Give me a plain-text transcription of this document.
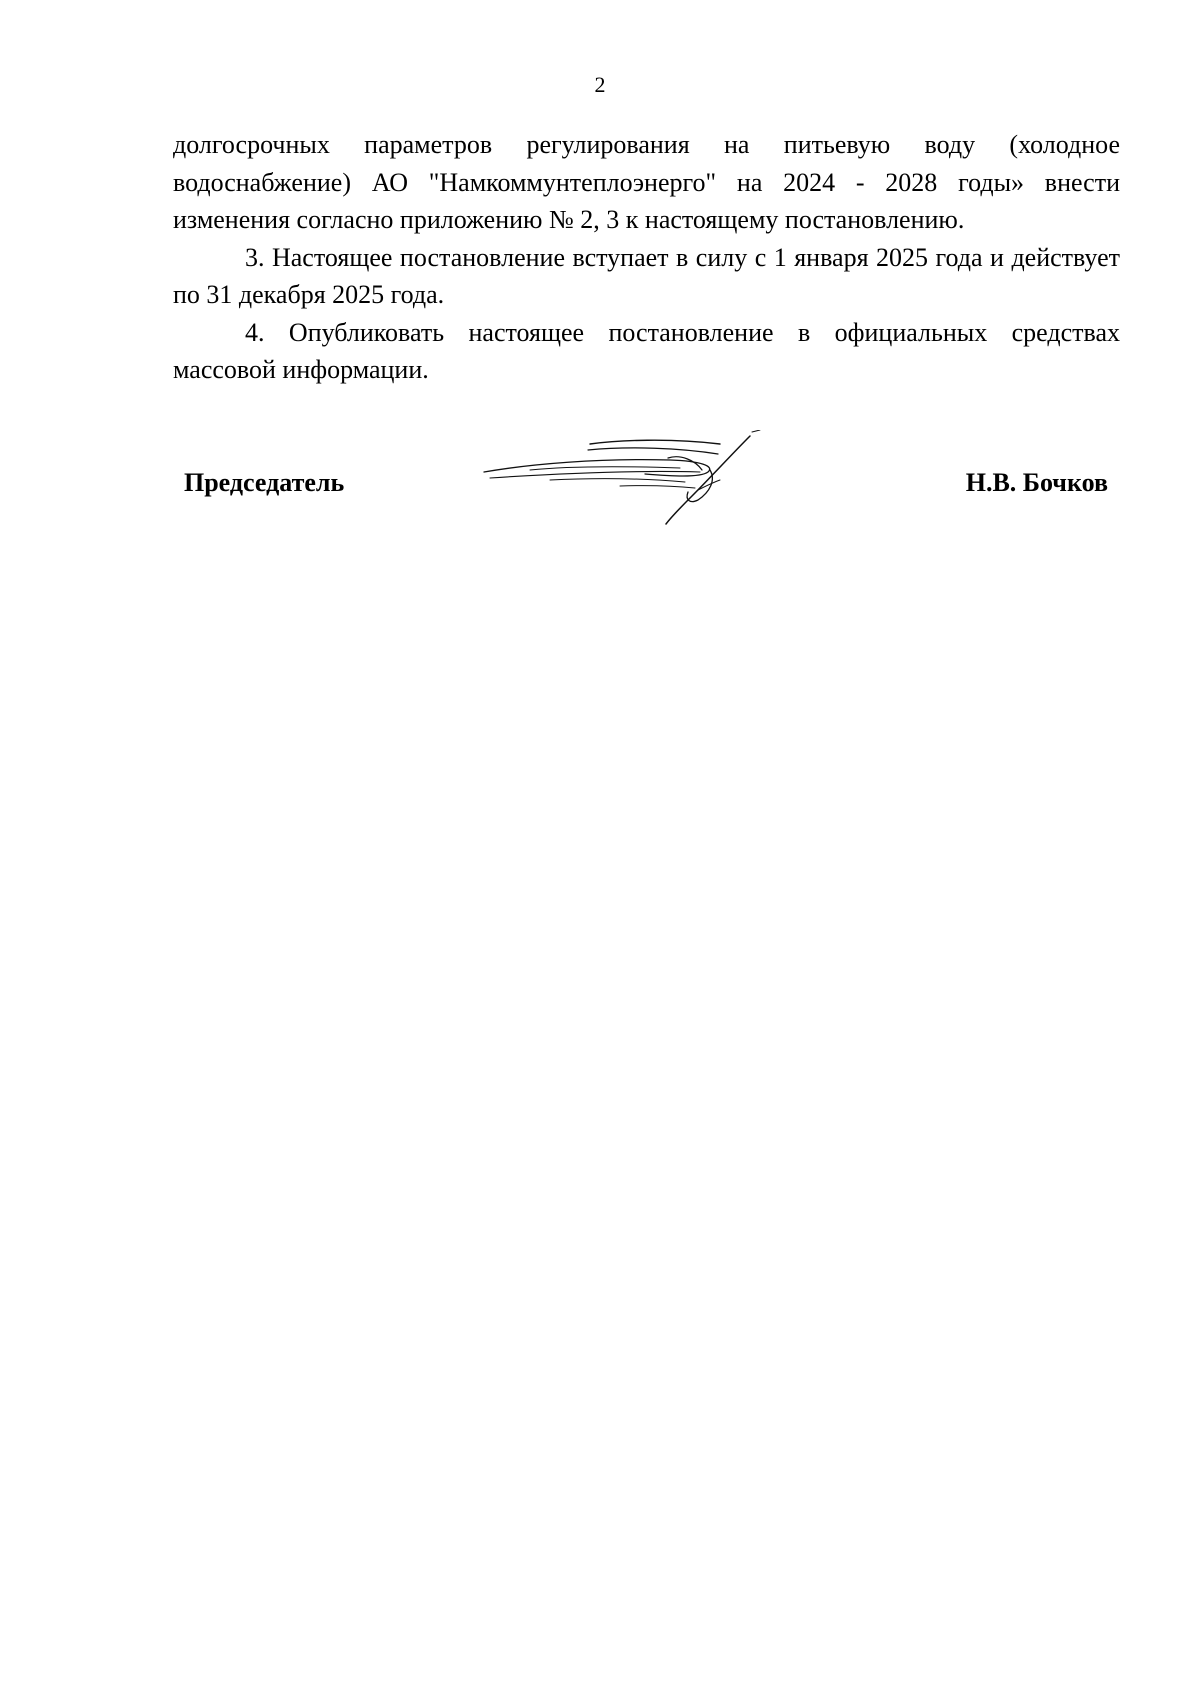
2

долгосрочных параметров регулирования на питьевую воду (холодное водоснабжение) АО "Намкоммунтеплоэнерго" на 2024 - 2028 годы» внести изменения согласно приложению № 2, 3 к настоящему постановлению.

3. Настоящее постановление вступает в силу с 1 января 2025 года и действует по 31 декабря 2025 года.

4. Опубликовать настоящее постановление в официальных средствах массовой информации.

Председатель	Н.В. Бочков
